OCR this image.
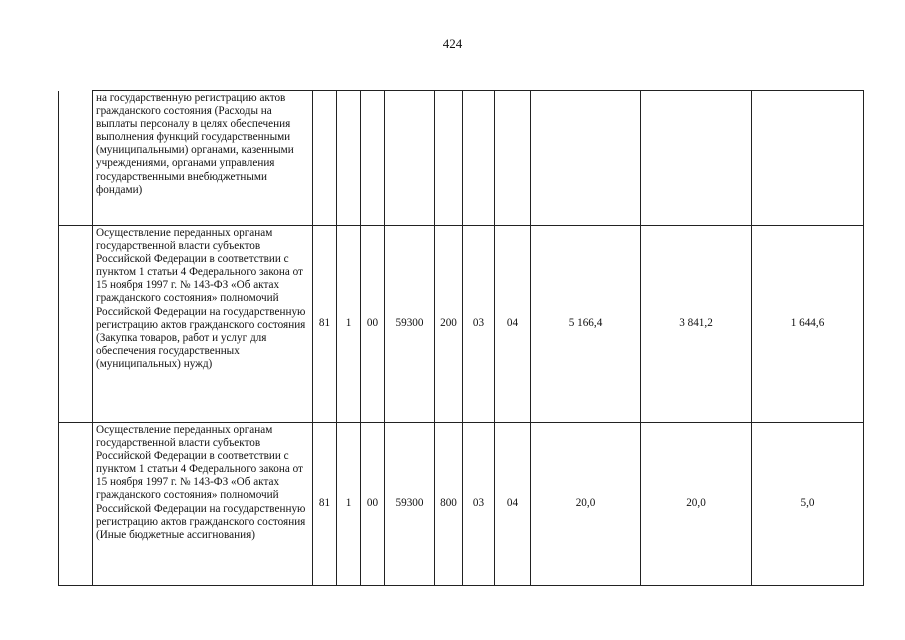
424
	на государственную регистрацию актов гражданского состояния (Расходы на выплаты персоналу в целях обеспечения выполнения функций государственными (муниципальными) органами, казенными учреждениями, органами управления государственными внебюджетными фондами)										
	Осуществление переданных органам государственной власти субъектов Российской Федерации в соответствии с пунктом 1 статьи 4 Федерального закона от 15 ноября 1997 г. № 143-ФЗ «Об актах гражданского состояния» полномочий Российской Федерации на государственную регистрацию актов гражданского состояния (Закупка товаров, работ и услуг для обеспечения государственных (муниципальных) нужд)	81	1	00	59300	200	03	04	5 166,4	3 841,2	1 644,6
	Осуществление переданных органам государственной власти субъектов Российской Федерации в соответствии с пунктом 1 статьи 4 Федерального закона от 15 ноября 1997 г. № 143-ФЗ «Об актах гражданского состояния» полномочий Российской Федерации на государственную регистрацию актов гражданского состояния (Иные бюджетные ассигнования)	81	1	00	59300	800	03	04	20,0	20,0	5,0
